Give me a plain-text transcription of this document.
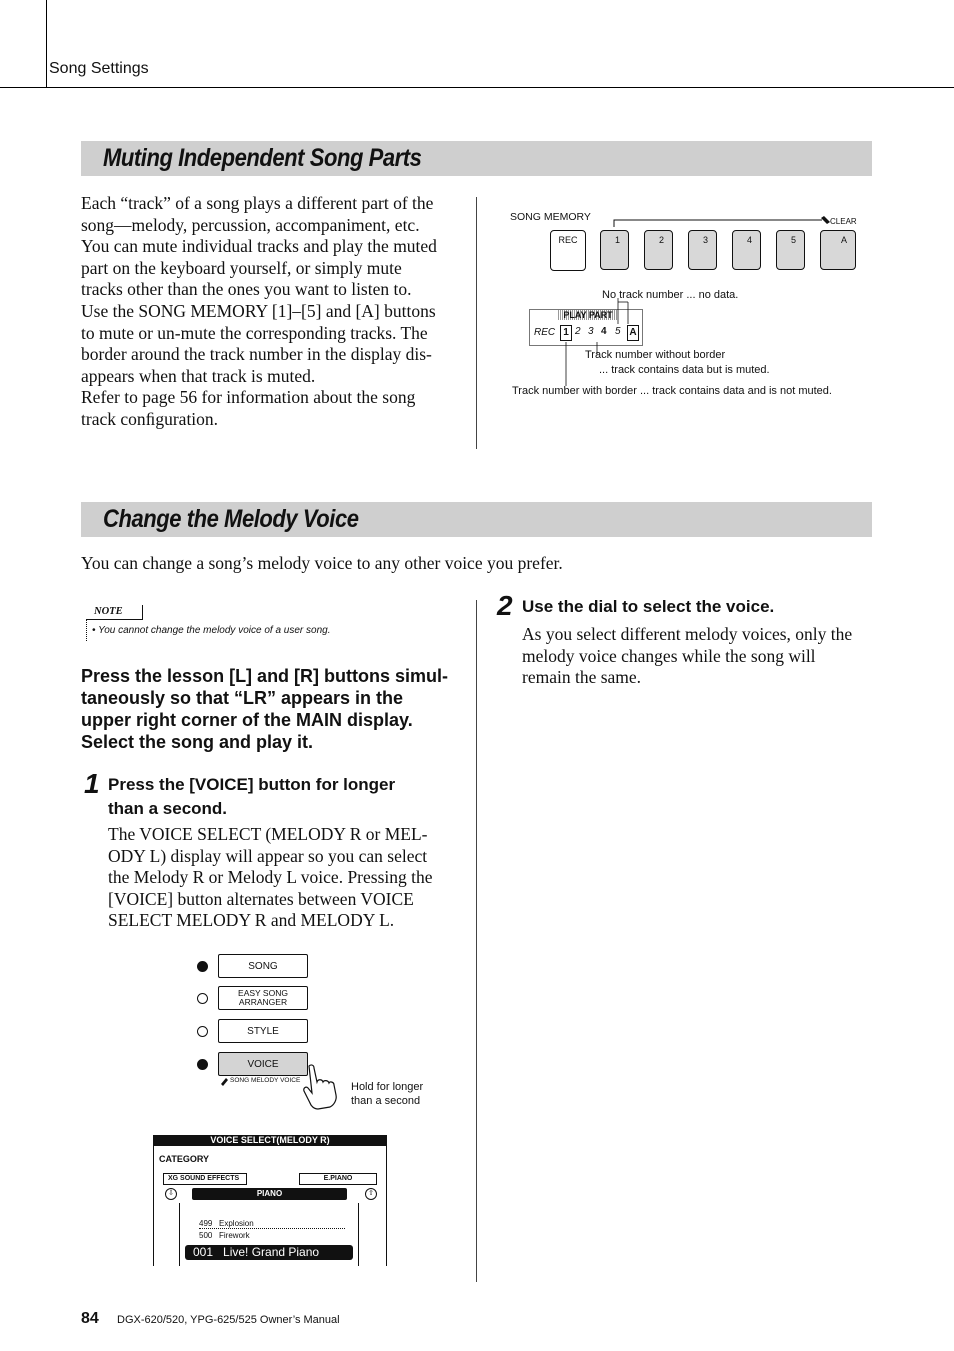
Song Settings
Muting Independent Song Parts
Each “track” of a song plays a different part of the
song—melody, percussion, accompaniment, etc.
You can mute individual tracks and play the muted
part on the keyboard yourself, or simply mute
tracks other than the ones you want to listen to.
Use the SONG MEMORY [1]–[5] and [A] buttons
to mute or un-mute the corresponding tracks. The
border around the track number in the display dis-
appears when that track is muted.
Refer to page 56 for information about the song
track conﬁguration.
SONG MEMORY	CLEAR
REC	1	2	3	4	5	A
No track number ... no data.
PLAY PART
REC 1 2 3 4 5 A
Track number without border
... track contains data but is muted.
Track number with border ... track contains data and is not muted.
Change the Melody Voice
You can change a song’s melody voice to any other voice you prefer.
NOTE
• You cannot change the melody voice of a user song.
Press the lesson [L] and [R] buttons simul-
taneously so that “LR” appears in the
upper right corner of the MAIN display.
Select the song and play it.
1 Press the [VOICE] button for longer
than a second.
The VOICE SELECT (MELODY R or MEL-
ODY L) display will appear so you can select
the Melody R or Melody L voice. Pressing the
[VOICE] button alternates between VOICE
SELECT MELODY R and MELODY L.
SONG
EASY SONG ARRANGER
STYLE
VOICE
SONG MELODY VOICE
Hold for longer
than a second
VOICE SELECT(MELODY R)
CATEGORY
XG SOUND EFFECTS	E.PIANO
⇩	⇧
PIANO
499   Explosion
500   Firework
001   Live! Grand Piano
2 Use the dial to select the voice.
As you select different melody voices, only the
melody voice changes while the song will
remain the same.
84 DGX-620/520, YPG-625/525 Owner’s Manual
